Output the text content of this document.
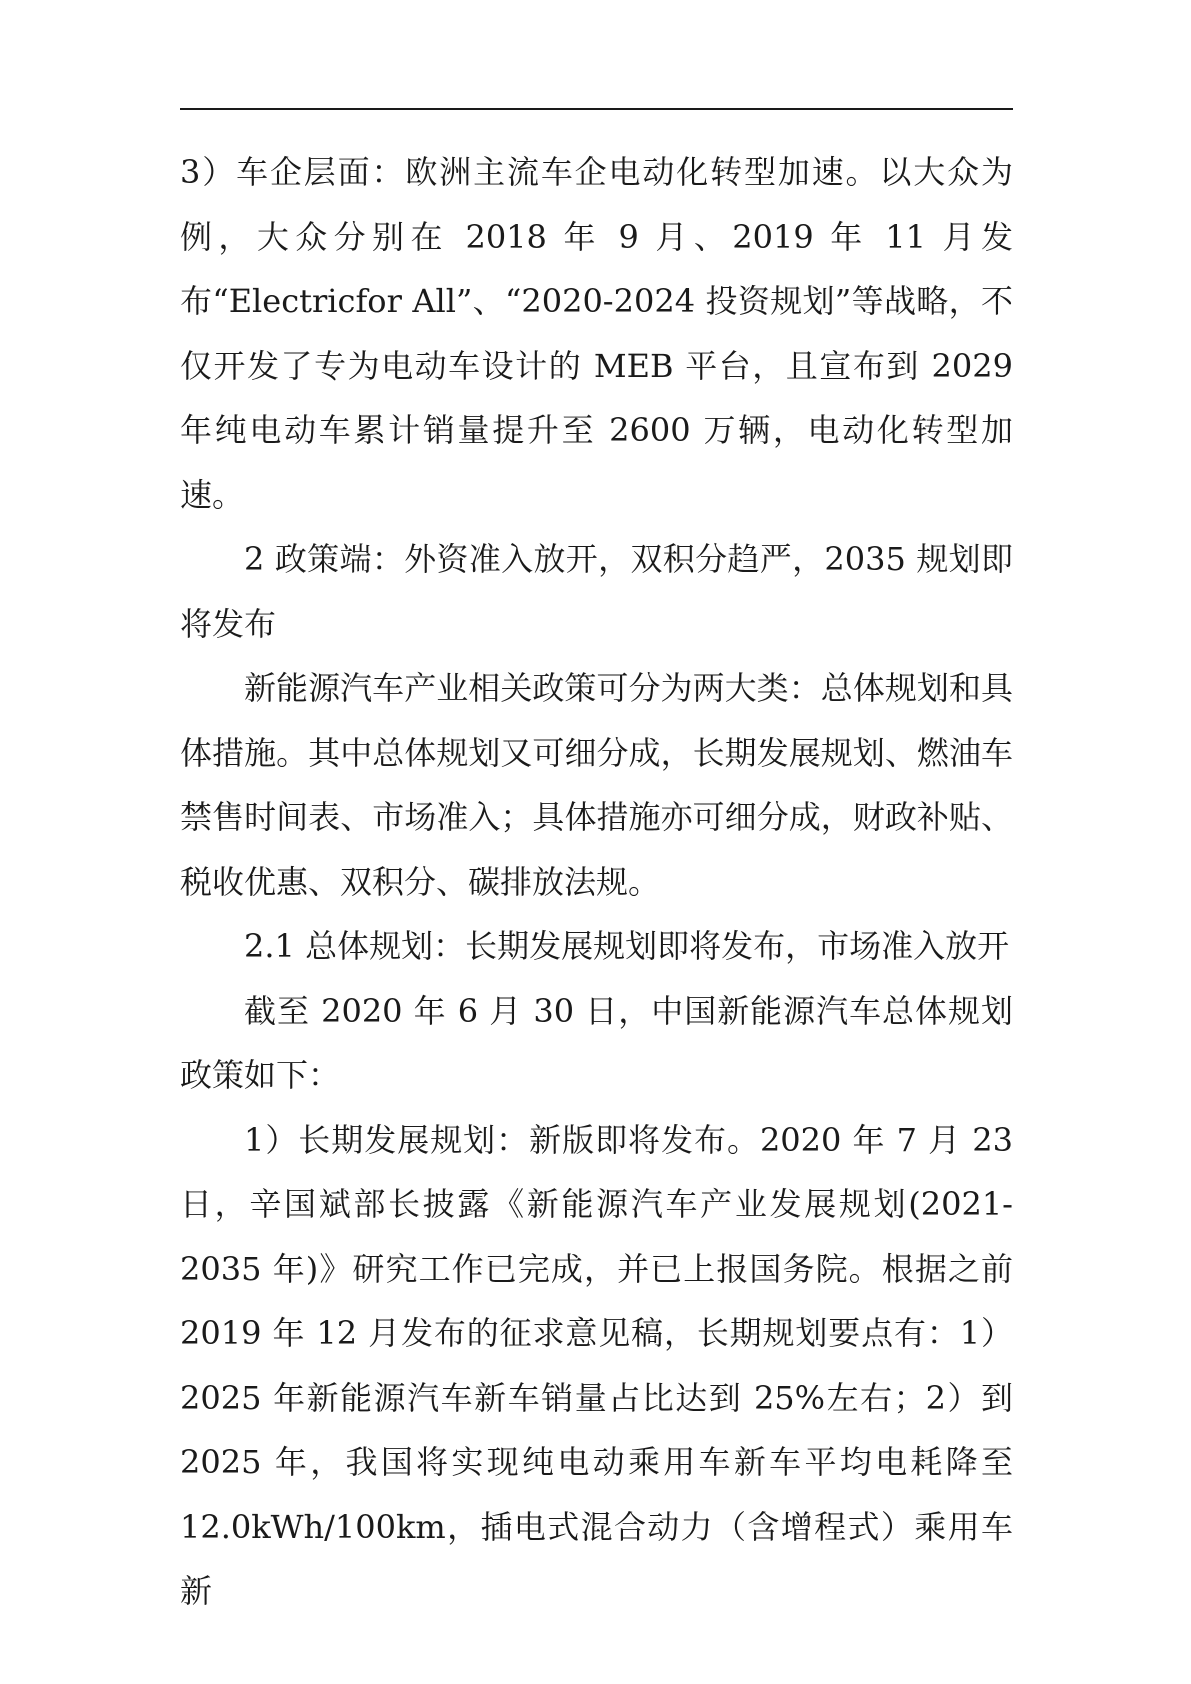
3）车企层面：欧洲主流车企电动化转型加速。以大众为例，大众分别在 2018 年 9 月、2019 年 11 月发布“Electricfor All”、“2020-2024 投资规划”等战略，不仅开发了专为电动车设计的 MEB 平台，且宣布到 2029 年纯电动车累计销量提升至 2600 万辆，电动化转型加速。

2 政策端：外资准入放开，双积分趋严，2035 规划即将发布

新能源汽车产业相关政策可分为两大类：总体规划和具体措施。其中总体规划又可细分成，长期发展规划、燃油车禁售时间表、市场准入；具体措施亦可细分成，财政补贴、税收优惠、双积分、碳排放法规。

2.1 总体规划：长期发展规划即将发布，市场准入放开

截至 2020 年 6 月 30 日，中国新能源汽车总体规划政策如下：

1）长期发展规划：新版即将发布。2020 年 7 月 23 日，辛国斌部长披露《新能源汽车产业发展规划(2021-2035 年)》研究工作已完成，并已上报国务院。根据之前 2019 年 12 月发布的征求意见稿，长期规划要点有：1）2025 年新能源汽车新车销量占比达到 25%左右；2）到 2025 年，我国将实现纯电动乘用车新车平均电耗降至 12.0kWh/100km，插电式混合动力（含增程式）乘用车新
